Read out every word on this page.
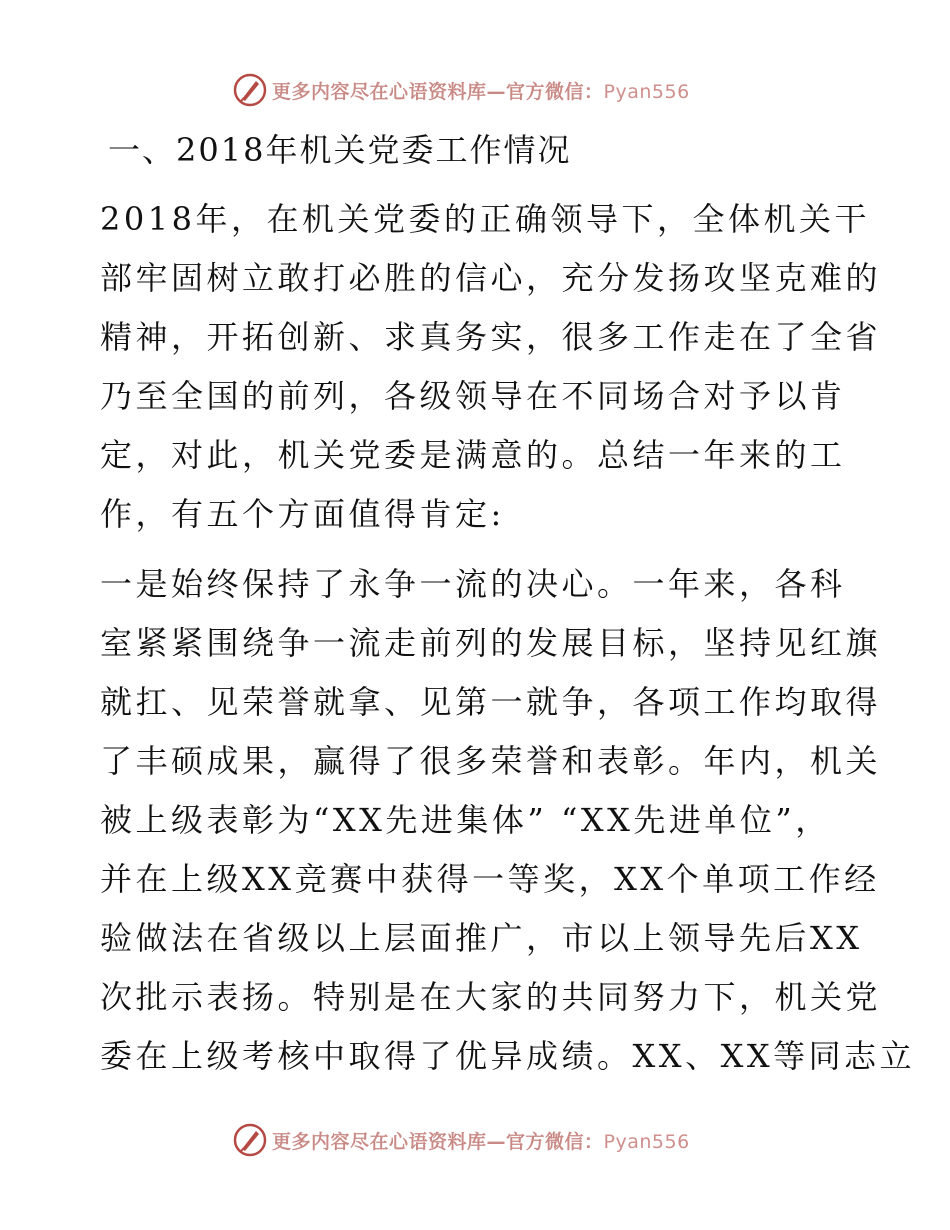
更多内容尽在心语资料库—官方微信：Pyan556
一、2018年机关党委工作情况

2018年，在机关党委的正确领导下，全体机关干
部牢固树立敢打必胜的信心，充分发扬攻坚克难的
精神，开拓创新、求真务实，很多工作走在了全省
乃至全国的前列，各级领导在不同场合对予以肯
定，对此，机关党委是满意的。总结一年来的工
作，有五个方面值得肯定:

一是始终保持了永争一流的决心。一年来，各科
室紧紧围绕争一流走前列的发展目标，坚持见红旗
就扛、见荣誉就拿、见第一就争，各项工作均取得
了丰硕成果，赢得了很多荣誉和表彰。年内，机关
被上级表彰为“XX先进集体” “XX先进单位”，
并在上级XX竞赛中获得一等奖，XX个单项工作经
验做法在省级以上层面推广，市以上领导先后XX
次批示表扬。特别是在大家的共同努力下，机关党
委在上级考核中取得了优异成绩。XX、XX等同志立

更多内容尽在心语资料库—官方微信：Pyan556
